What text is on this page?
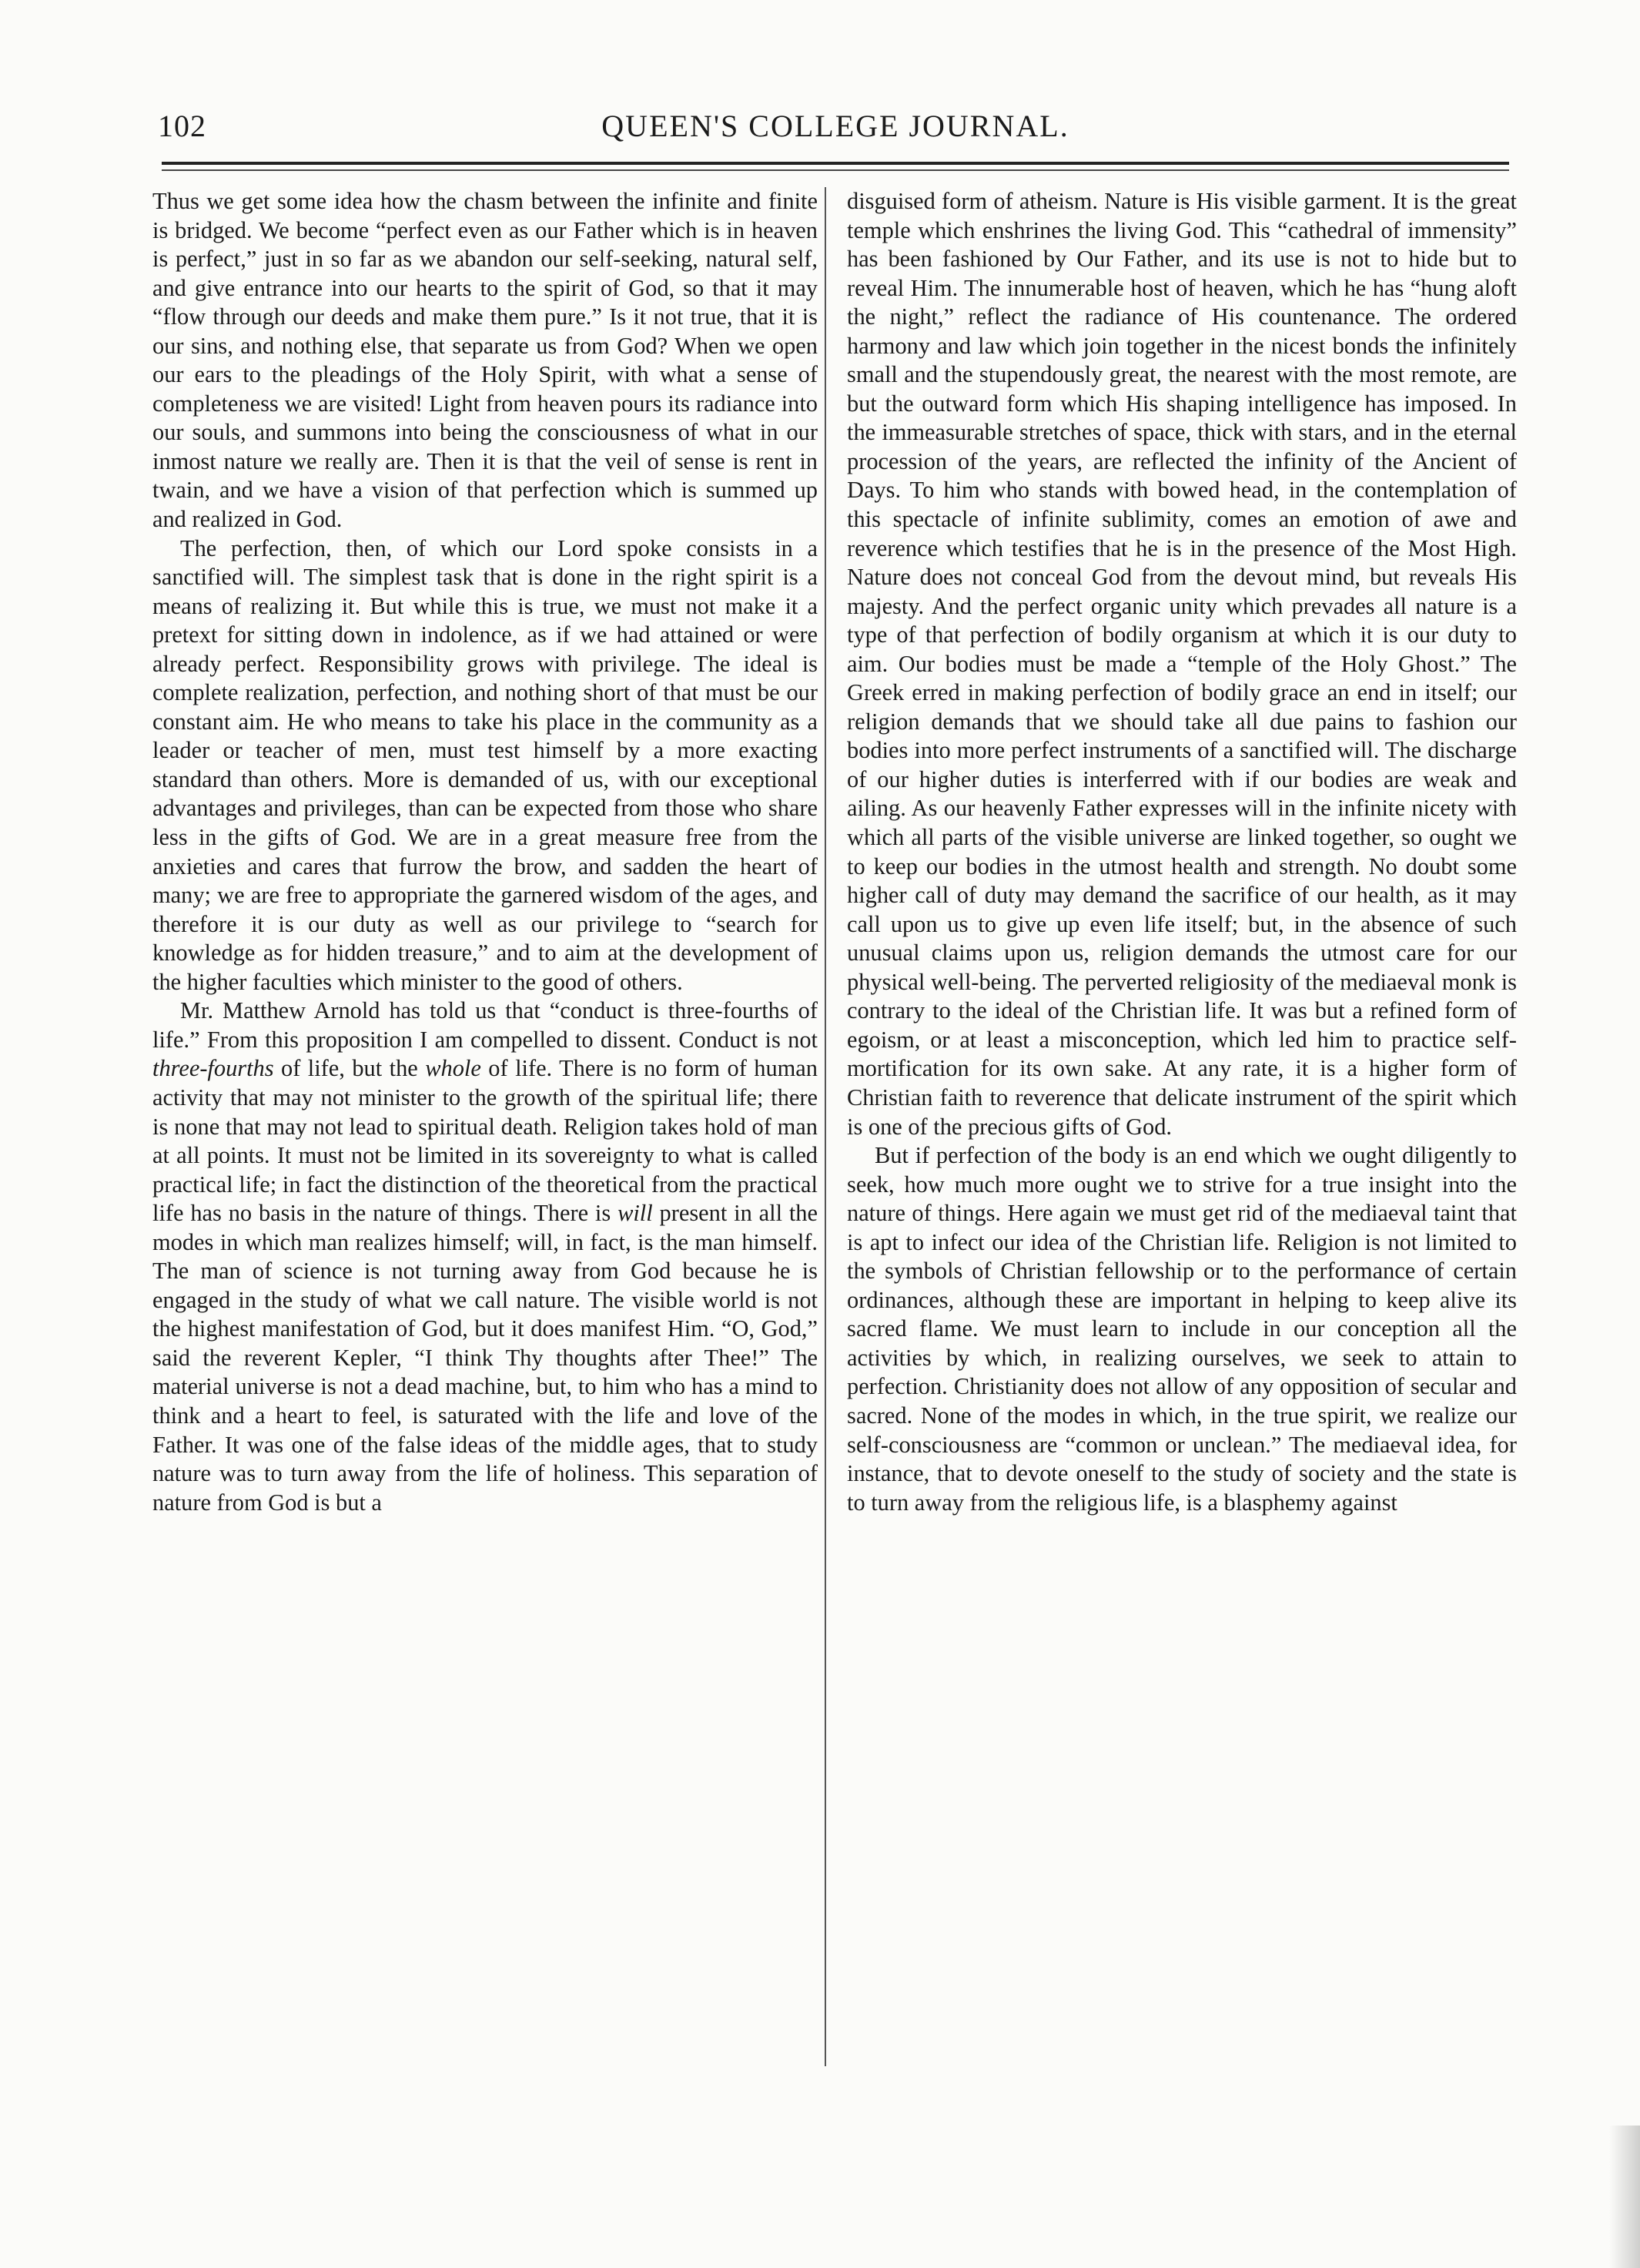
102	QUEEN'S COLLEGE JOURNAL.

Thus we get some idea how the chasm between the infinite and finite is bridged. We become “perfect even as our Father which is in heaven is perfect,” just in so far as we abandon our self-seeking, natural self, and give entrance into our hearts to the spirit of God, so that it may “flow through our deeds and make them pure.” Is it not true, that it is our sins, and nothing else, that separate us from God? When we open our ears to the pleadings of the Holy Spirit, with what a sense of completeness we are visited! Light from heaven pours its radiance into our souls, and summons into being the consciousness of what in our inmost nature we really are. Then it is that the veil of sense is rent in twain, and we have a vision of that perfection which is summed up and realized in God.

The perfection, then, of which our Lord spoke consists in a sanctified will. The simplest task that is done in the right spirit is a means of realizing it. But while this is true, we must not make it a pretext for sitting down in indolence, as if we had attained or were already perfect. Responsibility grows with privilege. The ideal is complete realization, perfection, and nothing short of that must be our constant aim. He who means to take his place in the community as a leader or teacher of men, must test himself by a more exacting standard than others. More is demanded of us, with our exceptional advantages and privileges, than can be expected from those who share less in the gifts of God. We are in a great measure free from the anxieties and cares that furrow the brow, and sadden the heart of many; we are free to appropriate the garnered wisdom of the ages, and therefore it is our duty as well as our privilege to “search for knowledge as for hidden treasure,” and to aim at the development of the higher faculties which minister to the good of others.

Mr. Matthew Arnold has told us that “conduct is three-fourths of life.” From this proposition I am compelled to dissent. Conduct is not three-fourths of life, but the whole of life. There is no form of human activity that may not minister to the growth of the spiritual life; there is none that may not lead to spiritual death. Religion takes hold of man at all points. It must not be limited in its sovereignty to what is called practical life; in fact the distinction of the theoretical from the practical life has no basis in the nature of things. There is will present in all the modes in which man realizes himself; will, in fact, is the man himself. The man of science is not turning away from God because he is engaged in the study of what we call nature. The visible world is not the highest manifestation of God, but it does manifest Him. “O, God,” said the reverent Kepler, “I think Thy thoughts after Thee!” The material universe is not a dead machine, but, to him who has a mind to think and a heart to feel, is saturated with the life and love of the Father. It was one of the false ideas of the middle ages, that to study nature was to turn away from the life of holiness. This separation of nature from God is but a

disguised form of atheism. Nature is His visible garment. It is the great temple which enshrines the living God. This “cathedral of immensity” has been fashioned by Our Father, and its use is not to hide but to reveal Him. The innumerable host of heaven, which he has “hung aloft the night,” reflect the radiance of His countenance. The ordered harmony and law which join together in the nicest bonds the infinitely small and the stupendously great, the nearest with the most remote, are but the outward form which His shaping intelligence has imposed. In the immeasurable stretches of space, thick with stars, and in the eternal procession of the years, are reflected the infinity of the Ancient of Days. To him who stands with bowed head, in the contemplation of this spectacle of infinite sublimity, comes an emotion of awe and reverence which testifies that he is in the presence of the Most High. Nature does not conceal God from the devout mind, but reveals His majesty. And the perfect organic unity which prevades all nature is a type of that perfection of bodily organism at which it is our duty to aim. Our bodies must be made a “temple of the Holy Ghost.” The Greek erred in making perfection of bodily grace an end in itself; our religion demands that we should take all due pains to fashion our bodies into more perfect instruments of a sanctified will. The discharge of our higher duties is interferred with if our bodies are weak and ailing. As our heavenly Father expresses will in the infinite nicety with which all parts of the visible universe are linked together, so ought we to keep our bodies in the utmost health and strength. No doubt some higher call of duty may demand the sacrifice of our health, as it may call upon us to give up even life itself; but, in the absence of such unusual claims upon us, religion demands the utmost care for our physical well-being. The perverted religiosity of the mediaeval monk is contrary to the ideal of the Christian life. It was but a refined form of egoism, or at least a misconception, which led him to practice self-mortification for its own sake. At any rate, it is a higher form of Christian faith to reverence that delicate instrument of the spirit which is one of the precious gifts of God.

But if perfection of the body is an end which we ought diligently to seek, how much more ought we to strive for a true insight into the nature of things. Here again we must get rid of the mediaeval taint that is apt to infect our idea of the Christian life. Religion is not limited to the symbols of Christian fellowship or to the performance of certain ordinances, although these are important in helping to keep alive its sacred flame. We must learn to include in our conception all the activities by which, in realizing ourselves, we seek to attain to perfection. Christianity does not allow of any opposition of secular and sacred. None of the modes in which, in the true spirit, we realize our self-consciousness are “common or unclean.” The mediaeval idea, for instance, that to devote oneself to the study of society and the state is to turn away from the religious life, is a blasphemy against
